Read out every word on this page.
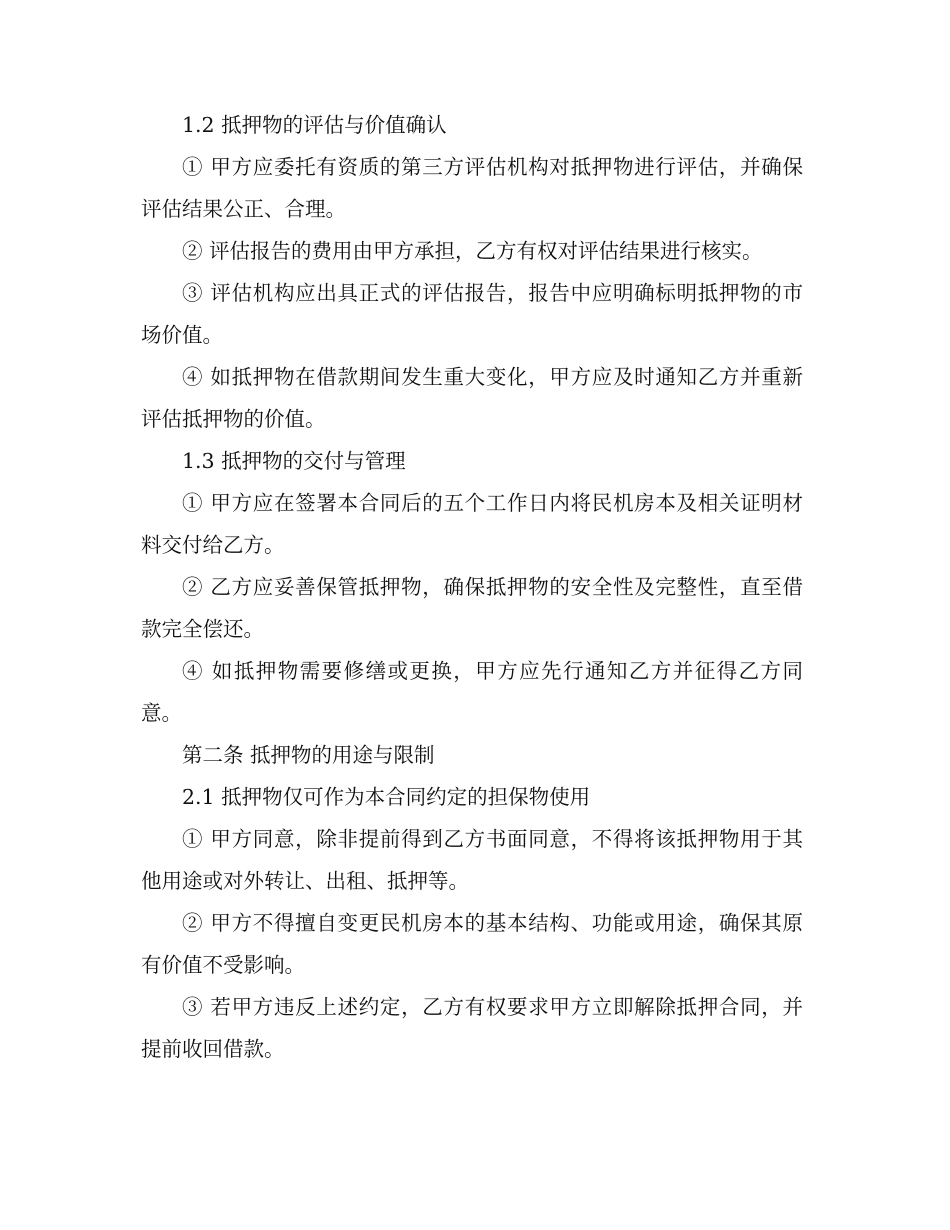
1.2 抵押物的评估与价值确认

① 甲方应委托有资质的第三方评估机构对抵押物进行评估，并确保评估结果公正、合理。

② 评估报告的费用由甲方承担，乙方有权对评估结果进行核实。

③ 评估机构应出具正式的评估报告，报告中应明确标明抵押物的市场价值。

④ 如抵押物在借款期间发生重大变化，甲方应及时通知乙方并重新评估抵押物的价值。

1.3 抵押物的交付与管理

① 甲方应在签署本合同后的五个工作日内将民机房本及相关证明材料交付给乙方。

② 乙方应妥善保管抵押物，确保抵押物的安全性及完整性，直至借款完全偿还。

④ 如抵押物需要修缮或更换，甲方应先行通知乙方并征得乙方同意。

第二条 抵押物的用途与限制

2.1 抵押物仅可作为本合同约定的担保物使用

① 甲方同意，除非提前得到乙方书面同意，不得将该抵押物用于其他用途或对外转让、出租、抵押等。

② 甲方不得擅自变更民机房本的基本结构、功能或用途，确保其原有价值不受影响。

③ 若甲方违反上述约定，乙方有权要求甲方立即解除抵押合同，并提前收回借款。
